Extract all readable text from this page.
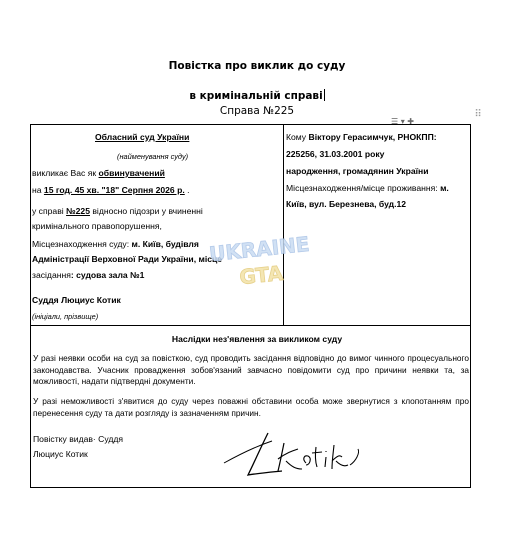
Повістка про виклик до суду
в кримінальній справі
Справа №225
☰ ▾ ✚
⠿
Обласний суд України
(найменування суду)
викликає Вас як обвинувачений
на 15 год. 45 хв. "18" Серпня 2026 р. .
у справі №225 відносно підозри у вчиненні
кримінального правопорушення,
Місцезнаходження суду: м. Київ, будівля
Адміністрації Верховної Ради України, місце
засідання: судова зала №1
Суддя Люциус Котик
(ініціали, прізвище)
Кому Віктору Герасимчук, РНОКПП:
225256, 31.03.2001 року
народження, громадянин України
Місцезнаходження/місце проживання: м.
Київ, вул. Березнева, буд.12
Наслідки нез'явлення за викликом суду
У разі неявки особи на суд за повісткою, суд проводить засідання відповідно до вимог чинного процесуального законодавства. Учасник провадження зобов'язаний завчасно повідомити суд про причини неявки та, за можливості, надати підтвердні документи.
У разі неможливості з'явитися до суду через поважні обставини особа може звернутися з клопотанням про перенесення суду та дати розгляду із зазначенням причин.
Повістку видав· Суддя
Люциус Котик
UKRAINE
GTA
